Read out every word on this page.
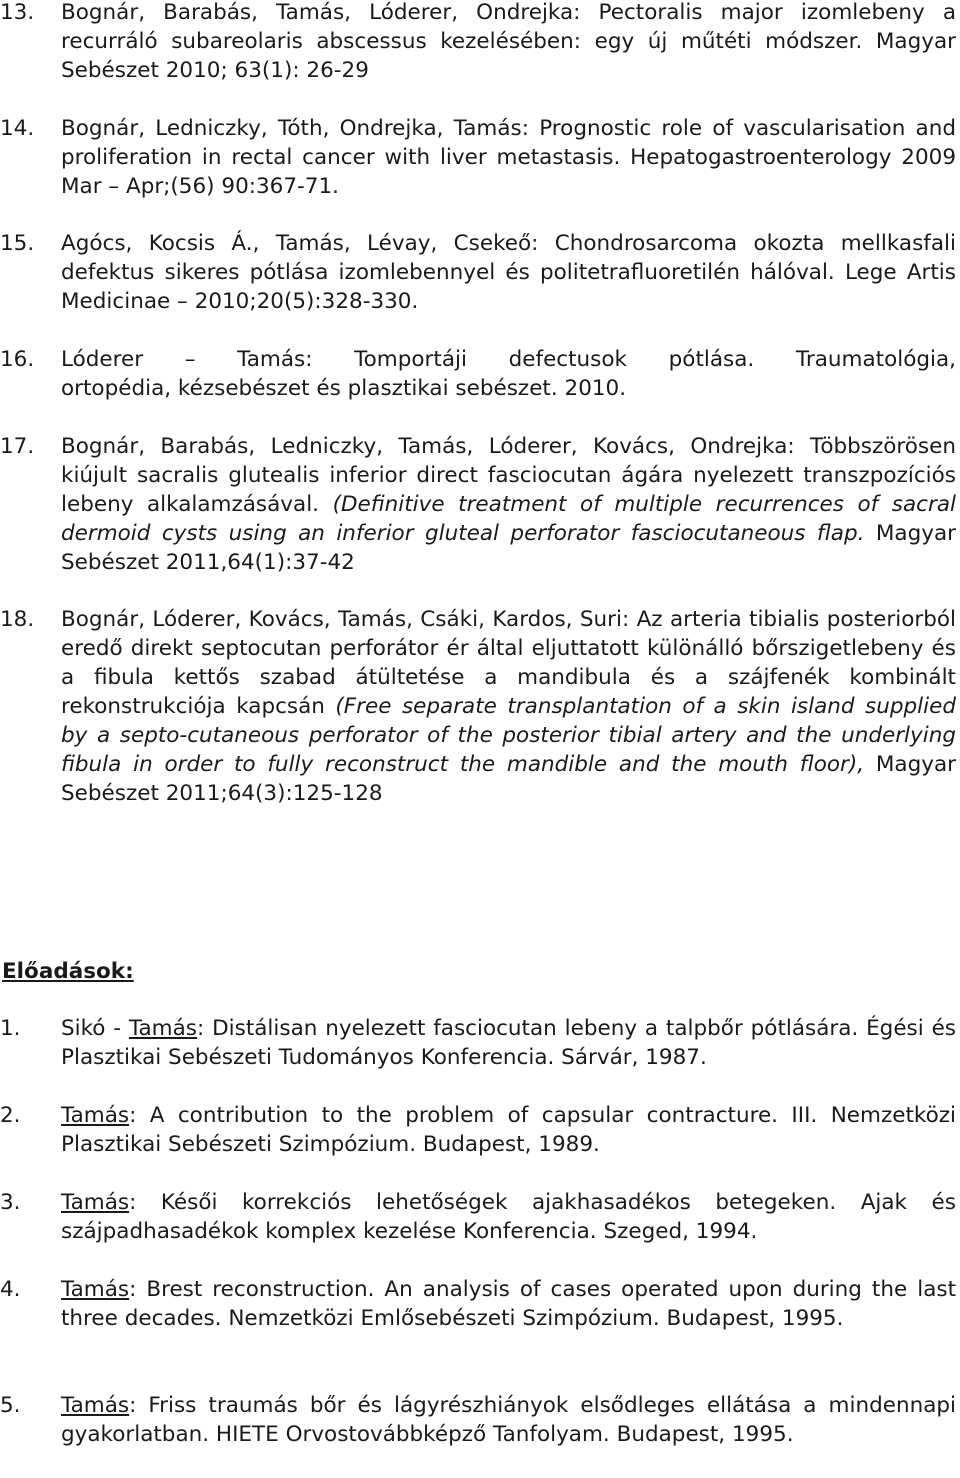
13.	Bognár, Barabás, Tamás, Lóderer, Ondrejka: Pectoralis major izomlebeny a recurráló subareolaris abscessus kezelésében: egy új műtéti módszer. Magyar Sebészet 2010; 63(1): 26-29
14.	Bognár, Ledniczky, Tóth, Ondrejka, Tamás: Prognostic role of vascularisation and proliferation in rectal cancer with liver metastasis. Hepatogastroenterology 2009 Mar – Apr;(56) 90:367-71.
15.	Agócs, Kocsis Á., Tamás, Lévay, Csekeő: Chondrosarcoma okozta mellkasfali defektus sikeres pótlása izomlebennyel és politetrafluoretilén hálóval. Lege Artis Medicinae – 2010;20(5):328-330.
16.	Lóderer – Tamás: Tomportáji defectusok pótlása. Traumatológia,
ortopédia, kézsebészet és plasztikai sebészet. 2010.
17.	Bognár, Barabás, Ledniczky, Tamás, Lóderer, Kovács, Ondrejka: Többszörösen kiújult sacralis glutealis inferior direct fasciocutan ágára nyelezett transzpozíciós lebeny alkalamzásával. (Definitive treatment of multiple recurrences of sacral dermoid cysts using an inferior gluteal perforator fasciocutaneous flap. Magyar Sebészet 2011,64(1):37-42
18.	Bognár, Lóderer, Kovács, Tamás, Csáki, Kardos, Suri: Az arteria tibialis posteriorból eredő direkt septocutan perforátor ér által eljuttatott különálló bőrszigetlebeny és a fibula kettős szabad átültetése a mandibula és a szájfenék kombinált rekonstrukciója kapcsán (Free separate transplantation of a skin island supplied by a septo-cutaneous perforator of the posterior tibial artery and the underlying fibula in order to fully reconstruct the mandible and the mouth floor), Magyar Sebészet 2011;64(3):125-128
Előadások:
1.	Sikó - Tamás: Distálisan nyelezett fasciocutan lebeny a talpbőr pótlására. Égési és Plasztikai Sebészeti Tudományos Konferencia. Sárvár, 1987.
2.	Tamás: A contribution to the problem of capsular contracture. III. Nemzetközi Plasztikai Sebészeti Szimpózium. Budapest, 1989.
3.	Tamás: Késői korrekciós lehetőségek ajakhasadékos betegeken. Ajak és szájpadhasadékok komplex kezelése Konferencia. Szeged, 1994.
4.	Tamás: Brest reconstruction. An analysis of cases operated upon during the last three decades. Nemzetközi Emlősebészeti Szimpózium. Budapest, 1995.
5.	Tamás: Friss traumás bőr és lágyrészhiányok elsődleges ellátása a mindennapi gyakorlatban. HIETE Orvostovábbképző Tanfolyam. Budapest, 1995.
